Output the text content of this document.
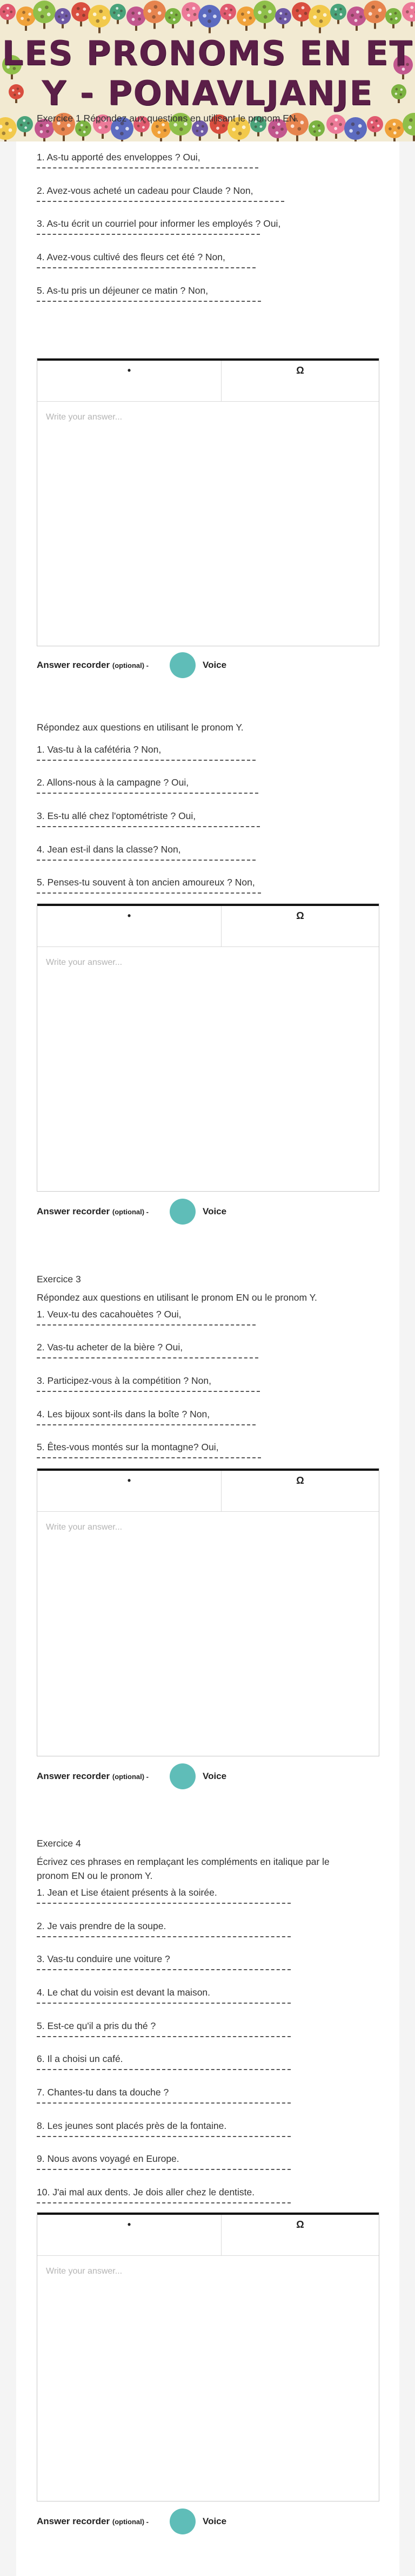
LES PRONOMS EN ET Y - PONAVLJANJE
Exercice 1 Répondez aux questions en utilisant le pronom EN.
1. As-tu apporté des enveloppes ? Oui,
2. Avez-vous acheté un cadeau pour Claude ? Non,
3. As-tu écrit un courriel pour informer les employés ? Oui,
4. Avez-vous cultivé des fleurs cet été ? Non,
5. As-tu pris un déjeuner ce matin ? Non,
•	Ω
Write your answer...
Answer recorder (optional) -	Voice
Répondez aux questions en utilisant le pronom Y.
1. Vas-tu à la cafétéria ? Non,
2. Allons-nous à la campagne ? Oui,
3. Es-tu allé chez l'optométriste ? Oui,
4. Jean est-il dans la classe? Non,
5. Penses-tu souvent à ton ancien amoureux ? Non,
•	Ω
Write your answer...
Answer recorder (optional) -	Voice
Exercice 3
Répondez aux questions en utilisant le pronom EN ou le pronom Y.
1. Veux-tu des cacahouètes ? Oui,
2. Vas-tu acheter de la bière ? Oui,
3. Participez-vous à la compétition ? Non,
4. Les bijoux sont-ils dans la boîte ? Non,
5. Êtes-vous montés sur la montagne? Oui,
•	Ω
Write your answer...
Answer recorder (optional) -	Voice
Exercice 4
Écrivez ces phrases en remplaçant les compléments en italique par le
pronom EN ou le pronom Y.
1. Jean et Lise étaient présents à la soirée.
2. Je vais prendre de la soupe.
3. Vas-tu conduire une voiture ?
4. Le chat du voisin est devant la maison.
5. Est-ce qu'il a pris du thé ?
6. Il a choisi un café.
7. Chantes-tu dans ta douche ?
8. Les jeunes sont placés près de la fontaine.
9. Nous avons voyagé en Europe.
10. J'ai mal aux dents. Je dois aller chez le dentiste.
•	Ω
Write your answer...
Answer recorder (optional) -	Voice
